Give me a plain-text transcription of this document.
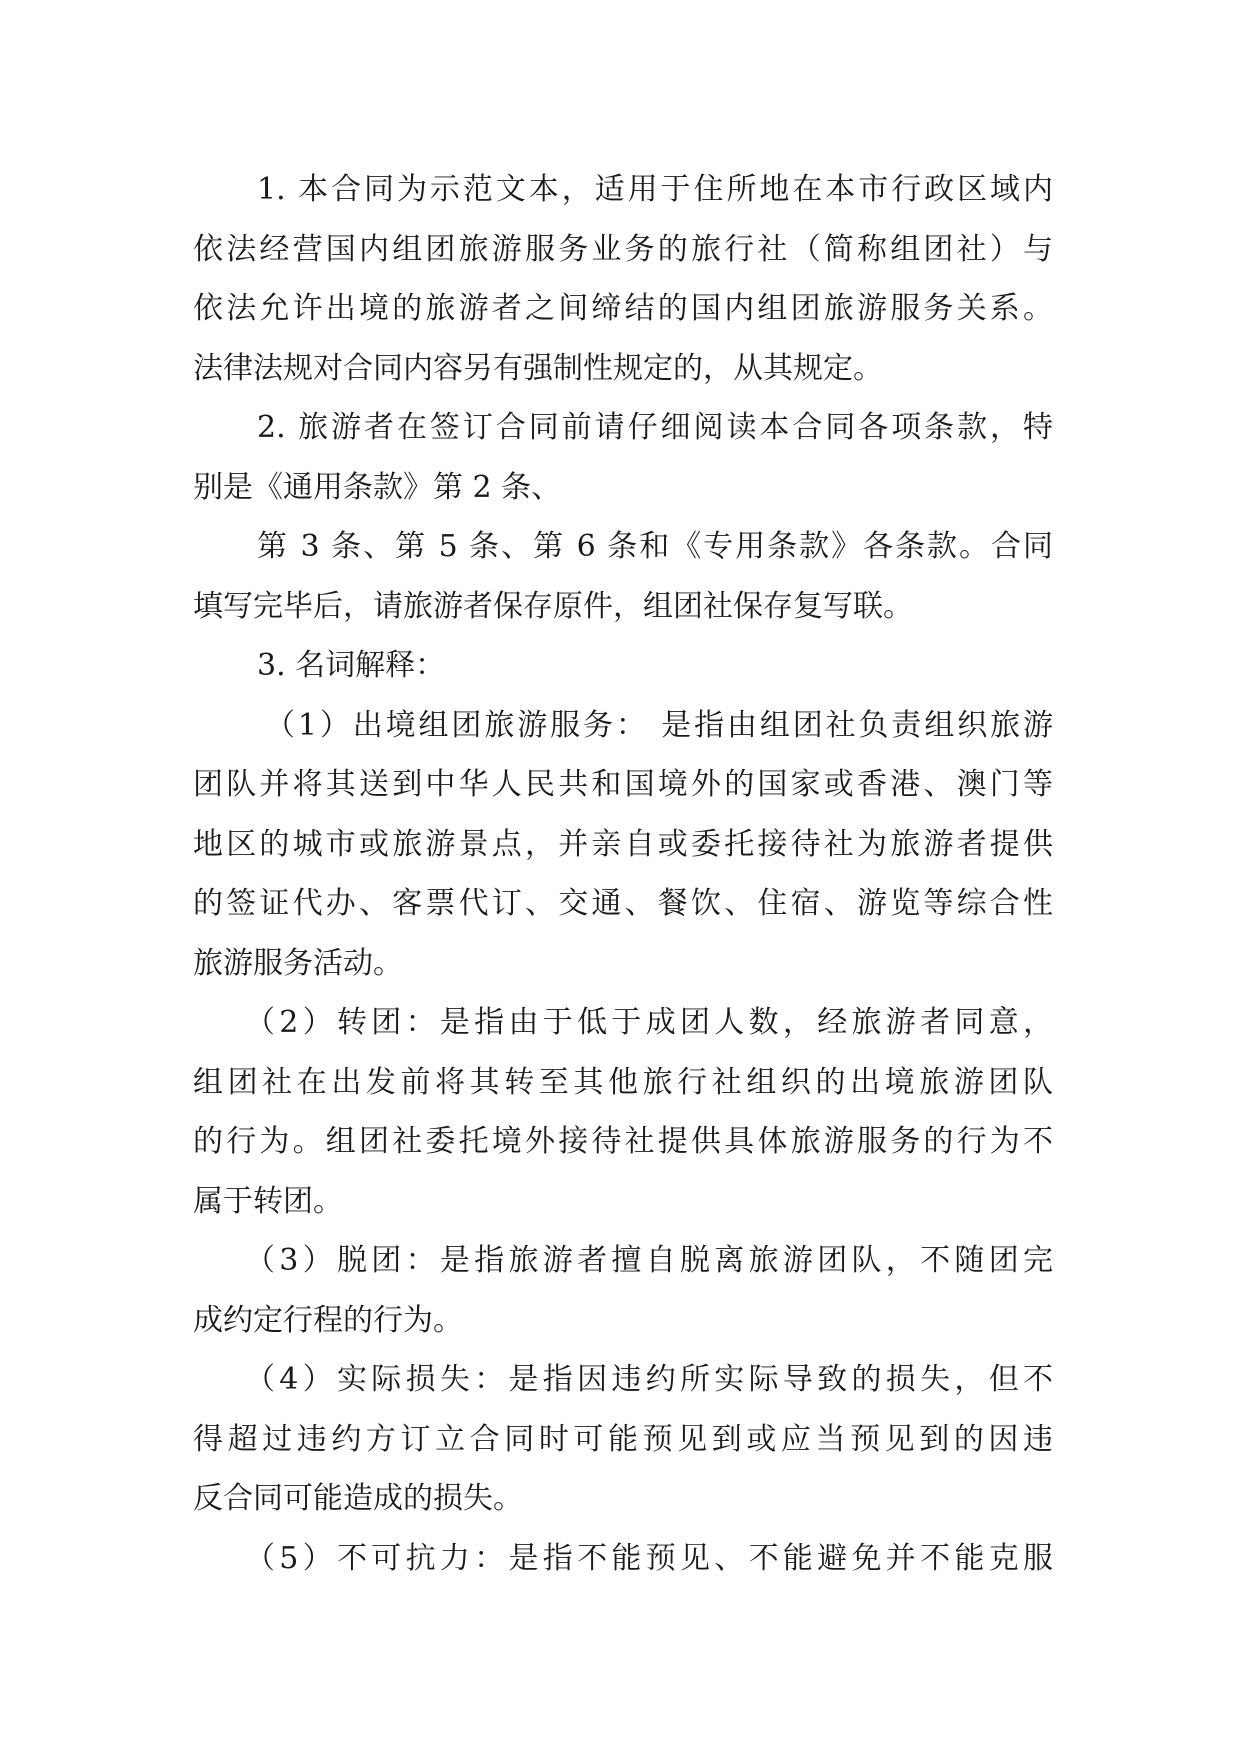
1. 本合同为示范文本，适用于住所地在本市行政区域内
依法经营国内组团旅游服务业务的旅行社（简称组团社）与
依法允许出境的旅游者之间缔结的国内组团旅游服务关系。
法律法规对合同内容另有强制性规定的，从其规定。
2. 旅游者在签订合同前请仔细阅读本合同各项条款，特
别是《通用条款》第 2 条、
第 3 条、第 5 条、第 6 条和《专用条款》各条款。合同
填写完毕后，请旅游者保存原件，组团社保存复写联。
3. 名词解释：
（1）出境组团旅游服务： 是指由组团社负责组织旅游
团队并将其送到中华人民共和国境外的国家或香港、澳门等
地区的城市或旅游景点，并亲自或委托接待社为旅游者提供
的签证代办、客票代订、交通、餐饮、住宿、游览等综合性
旅游服务活动。
（2）转团：是指由于低于成团人数，经旅游者同意，
组团社在出发前将其转至其他旅行社组织的出境旅游团队
的行为。组团社委托境外接待社提供具体旅游服务的行为不
属于转团。
（3）脱团：是指旅游者擅自脱离旅游团队，不随团完
成约定行程的行为。
（4）实际损失：是指因违约所实际导致的损失，但不
得超过违约方订立合同时可能预见到或应当预见到的因违
反合同可能造成的损失。
（5）不可抗力：是指不能预见、不能避免并不能克服
